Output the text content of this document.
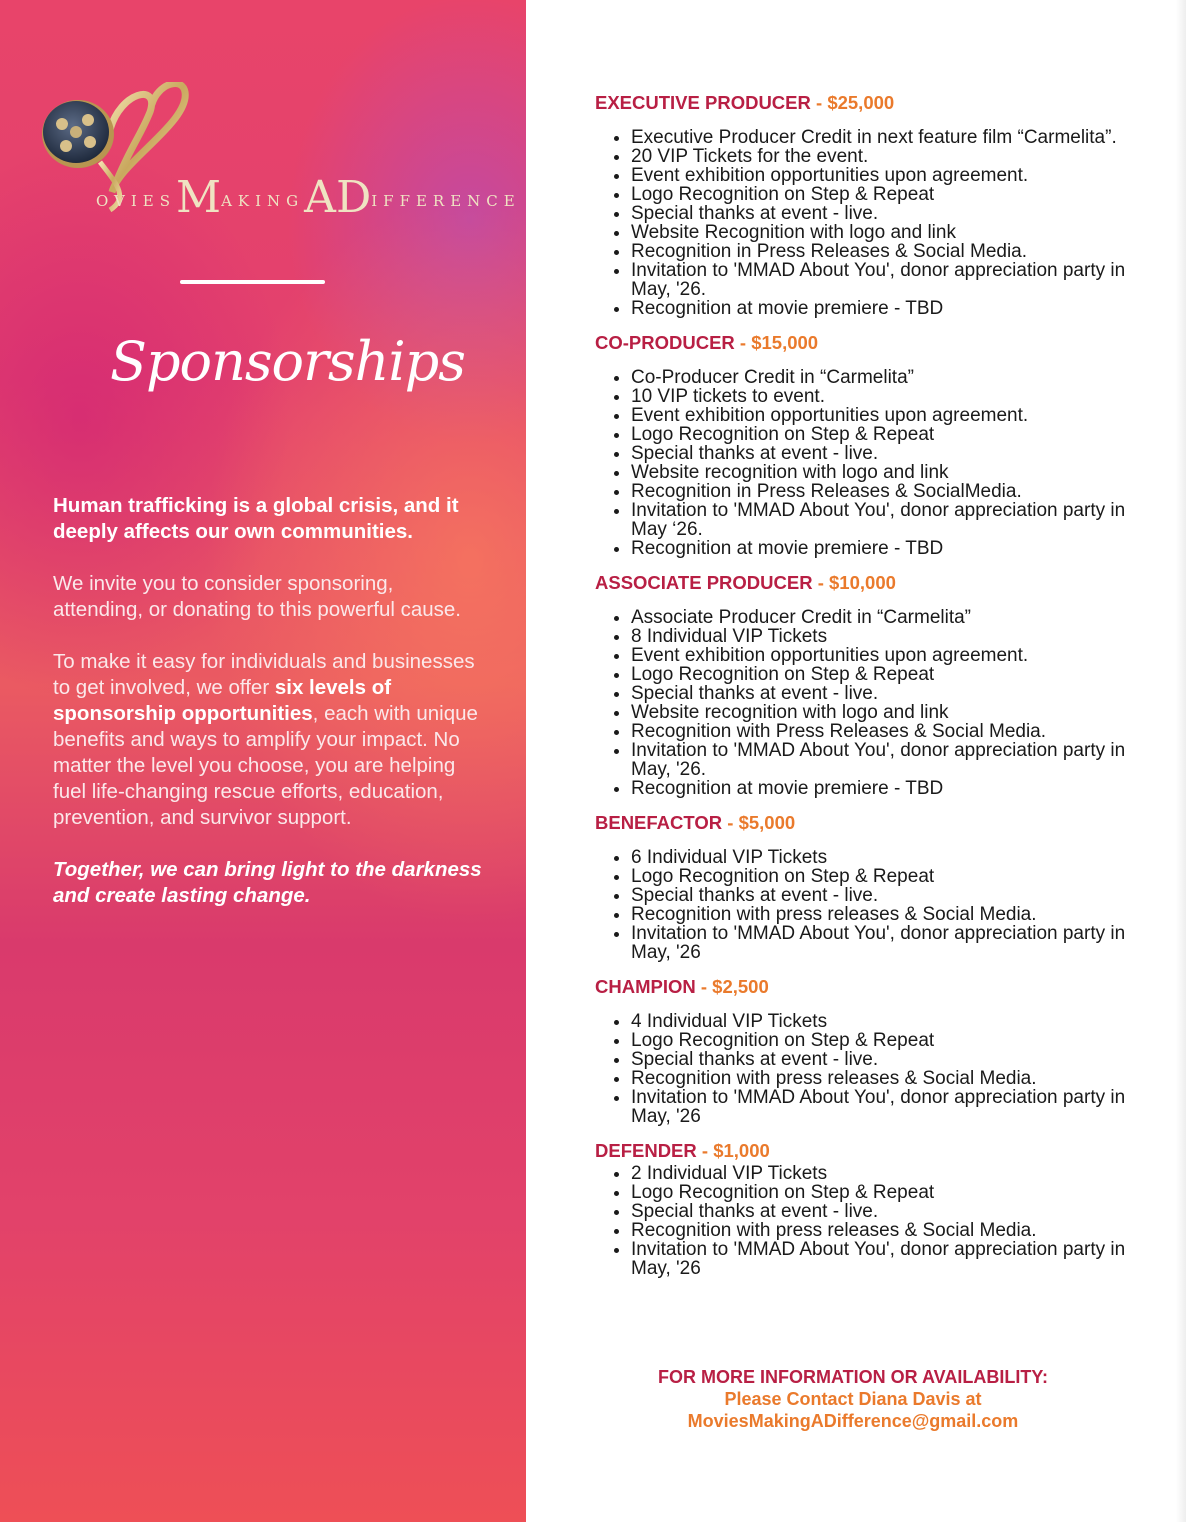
OVIESMAKINGADIFFERENCE
Sponsorships

Human trafficking is a global crisis, and it deeply affects our own communities.

We invite you to consider sponsoring, attending, or donating to this powerful cause.

To make it easy for individuals and businesses to get involved, we offer six levels of sponsorship opportunities, each with unique benefits and ways to amplify your impact. No matter the level you choose, you are helping fuel life-changing rescue efforts, education, prevention, and survivor support.

Together, we can bring light to the darkness and create lasting change.

EXECUTIVE PRODUCER - $25,000
• Executive Producer Credit in next feature film “Carmelita”.
• 20 VIP Tickets for the event.
• Event exhibition opportunities upon agreement.
• Logo Recognition on Step & Repeat
• Special thanks at event - live.
• Website Recognition with logo and link
• Recognition in Press Releases & Social Media.
• Invitation to 'MMAD About You', donor appreciation party in May, '26.
• Recognition at movie premiere - TBD
CO-PRODUCER - $15,000
• Co-Producer Credit in “Carmelita”
• 10 VIP tickets to event.
• Event exhibition opportunities upon agreement.
• Logo Recognition on Step & Repeat
• Special thanks at event - live.
• Website recognition with logo and link
• Recognition in Press Releases & SocialMedia.
• Invitation to 'MMAD About You', donor appreciation party in May ‘26.
• Recognition at movie premiere - TBD
ASSOCIATE PRODUCER - $10,000
• Associate Producer Credit in “Carmelita”
• 8 Individual VIP Tickets
• Event exhibition opportunities upon agreement.
• Logo Recognition on Step & Repeat
• Special thanks at event - live.
• Website recognition with logo and link
• Recognition with Press Releases & Social Media.
• Invitation to 'MMAD About You', donor appreciation party in May, '26.
• Recognition at movie premiere - TBD
BENEFACTOR - $5,000
• 6 Individual VIP Tickets
• Logo Recognition on Step & Repeat
• Special thanks at event - live.
• Recognition with press releases & Social Media.
• Invitation to 'MMAD About You', donor appreciation party in May, '26
CHAMPION - $2,500
• 4 Individual VIP Tickets
• Logo Recognition on Step & Repeat
• Special thanks at event - live.
• Recognition with press releases & Social Media.
• Invitation to 'MMAD About You', donor appreciation party in May, '26
DEFENDER - $1,000
• 2 Individual VIP Tickets
• Logo Recognition on Step & Repeat
• Special thanks at event - live.
• Recognition with press releases & Social Media.
• Invitation to 'MMAD About You', donor appreciation party in May, '26
FOR MORE INFORMATION OR AVAILABILITY:
Please Contact Diana Davis at
MoviesMakingADifference@gmail.com
